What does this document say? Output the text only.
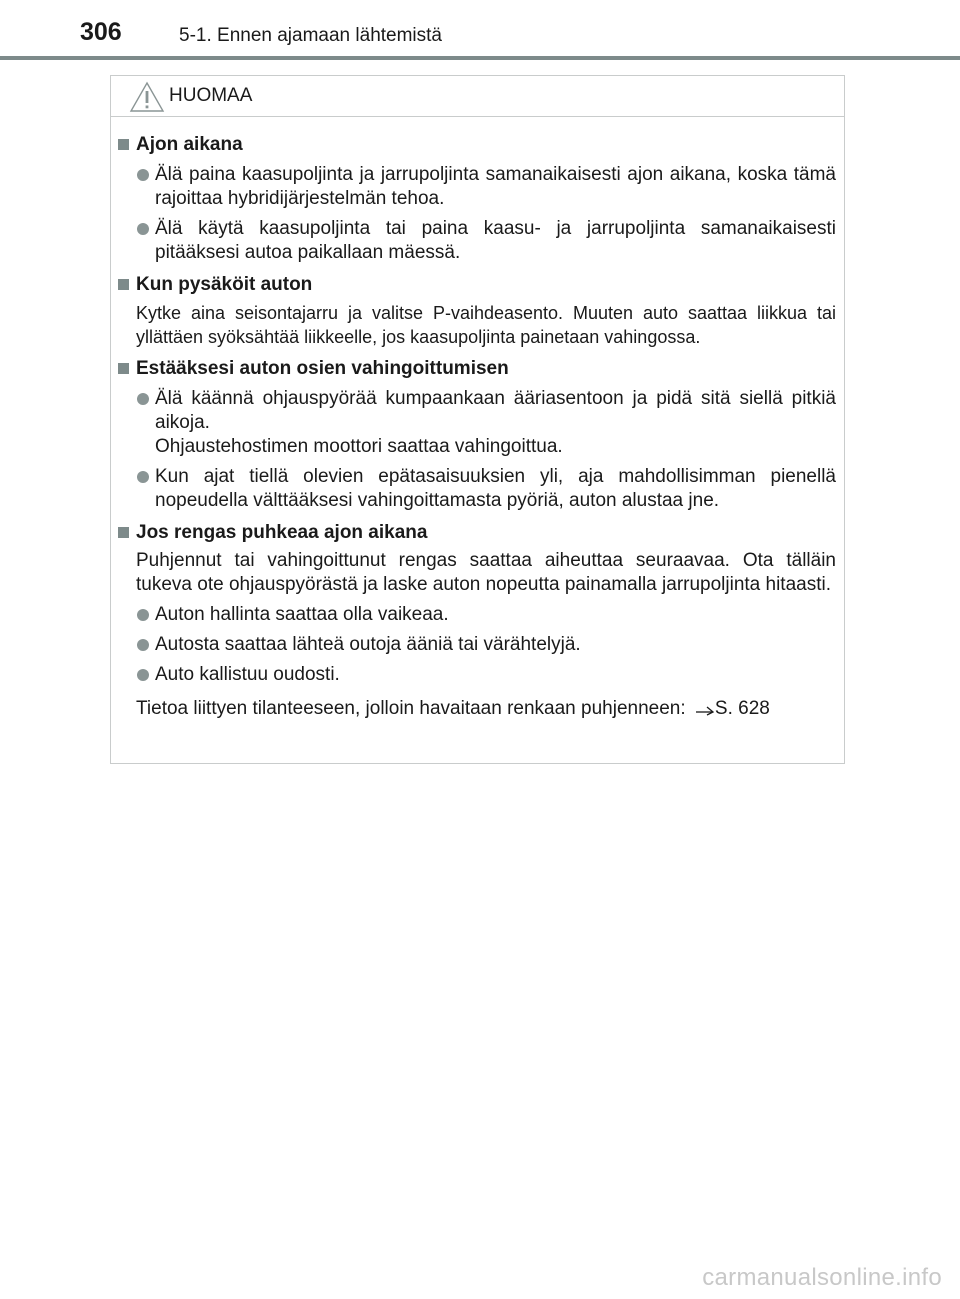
306	5-1. Ennen ajamaan lähtemistä
HUOMAA
Ajon aikana
Älä paina kaasupoljinta ja jarrupoljinta samanaikaisesti ajon aikana, koska tämä rajoittaa hybridijärjestelmän tehoa.
Älä käytä kaasupoljinta tai paina kaasu- ja jarrupoljinta samanaikaisesti pitääksesi autoa paikallaan mäessä.
Kun pysäköit auton
Kytke aina seisontajarru ja valitse P-vaihdeasento. Muuten auto saattaa liikkua tai yllättäen syöksähtää liikkeelle, jos kaasupoljinta painetaan vahingossa.
Estääksesi auton osien vahingoittumisen
Älä käännä ohjauspyörää kumpaankaan ääriasentoon ja pidä sitä siellä pitkiä aikoja.
Ohjaustehostimen moottori saattaa vahingoittua.
Kun ajat tiellä olevien epätasaisuuksien yli, aja mahdollisimman pienellä nopeudella välttääksesi vahingoittamasta pyöriä, auton alustaa jne.
Jos rengas puhkeaa ajon aikana
Puhjennut tai vahingoittunut rengas saattaa aiheuttaa seuraavaa. Ota tälläin tukeva ote ohjauspyörästä ja laske auton nopeutta painamalla jarrupoljinta hitaasti.
Auton hallinta saattaa olla vaikeaa.
Autosta saattaa lähteä outoja ääniä tai värähtelyjä.
Auto kallistuu oudosti.
Tietoa liittyen tilanteeseen, jolloin havaitaan renkaan puhjenneen: S. 628
carmanualsonline.info
